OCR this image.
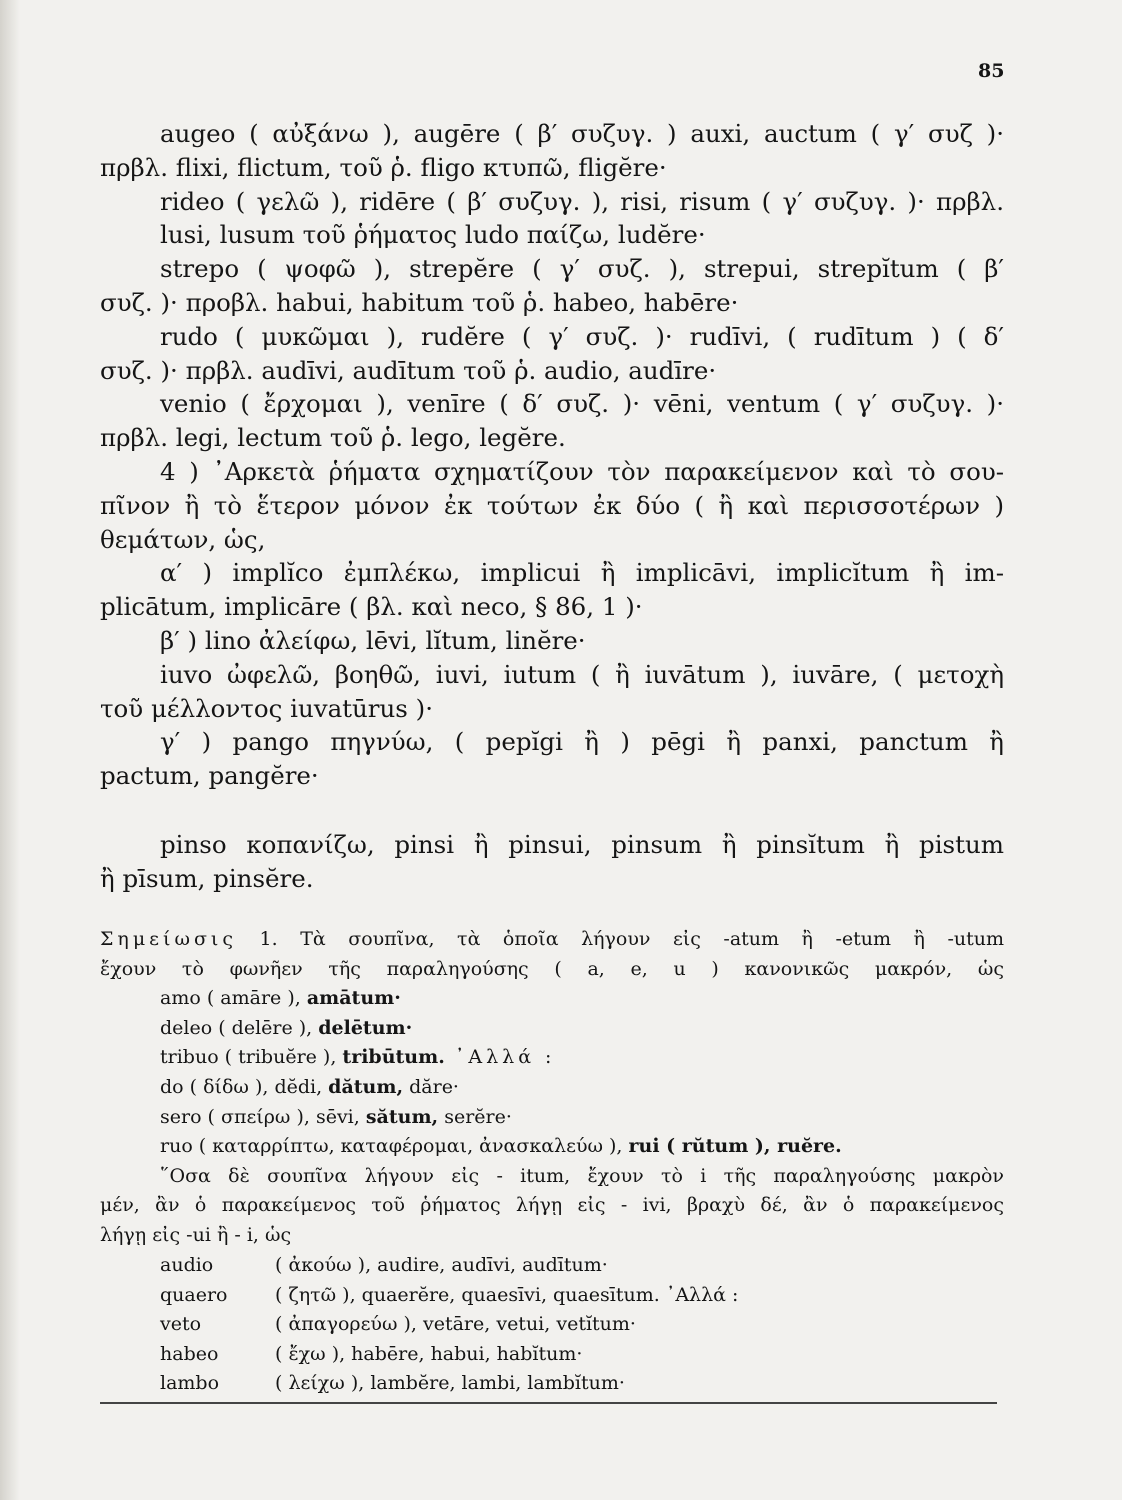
85
augeo ( αὐξάνω ), augēre ( β′ συζυγ. ) auxi, auctum ( γ′ συζ )·
πρβλ. flixi, flictum, τοῦ ῥ. fligo κτυπῶ, fligĕre·
rideo ( γελῶ ), ridēre ( β′ συζυγ. ), risi, risum ( γ′ συζυγ. )· πρβλ.
lusi, lusum τοῦ ῥήματος ludo παίζω, ludĕre·
strepo ( ψοφῶ ), strepĕre ( γ′ συζ. ), strepui, strepĭtum ( β′
συζ. )· προβλ. habui, habitum τοῦ ῥ. habeo, habēre·
rudo ( μυκῶμαι ), rudĕre ( γ′ συζ. )· rudīvi, ( rudītum ) ( δ′
συζ. )· πρβλ. audīvi, audītum τοῦ ῥ. audio, audīre·
venio ( ἔρχομαι ), venīre ( δ′ συζ. )· vēni, ventum ( γ′ συζυγ. )·
πρβλ. legi, lectum τοῦ ῥ. lego, legĕre.
4 ) ᾿Αρκετὰ ῥήματα σχηματίζουν τὸν παρακείμενον καὶ τὸ σου-
πῖνον ἢ τὸ ἕτερον μόνον ἐκ τούτων ἐκ δύο ( ἢ καὶ περισσοτέρων )
θεμάτων, ὡς,
α′ ) implĭco ἐμπλέκω, implicui ἢ implicāvi, implicĭtum ἢ im-
plicātum, implicāre ( βλ. καὶ neco, § 86, 1 )·
β′ ) lino ἀλείφω, lēvi, lĭtum, linĕre·
iuvo ὠφελῶ, βοηθῶ, iuvi, iutum ( ἢ iuvātum ), iuvāre, ( μετοχὴ
τοῦ μέλλοντος iuvatūrus )·
γ′ ) pango πηγνύω, ( pepĭgi ἢ ) pēgi ἢ panxi, panctum ἢ
pactum, pangĕre·
pinso κοπανίζω, pinsi ἢ pinsui, pinsum ἢ pinsĭtum ἢ pistum
ἢ pīsum, pinsĕre.
Σημείωσις 1. Τὰ σουπῖνα, τὰ ὁποῖα λήγουν εἰς -atum ἢ -etum ἢ -utum
ἔχουν τὸ φωνῆεν τῆς παραληγούσης ( a, e, u ) κανονικῶς μακρόν, ὡς
amo ( amāre ), amātum·
deleo ( delēre ), delētum·
tribuo ( tribuĕre ), tribūtum. ᾿Αλλά :
do ( δίδω ), dĕdi, dătum, dăre·
sero ( σπείρω ), sēvi, sătum, serĕre·
ruo ( καταρρίπτω, καταφέρομαι, ἀνασκαλεύω ), rui ( rŭtum ), ruĕre.
῞Οσα δὲ σουπῖνα λήγουν εἰς - itum, ἔχουν τὸ i τῆς παραληγούσης μακρὸν
μέν, ἂν ὁ παρακείμενος τοῦ ῥήματος λήγῃ εἰς - ivi, βραχὺ δέ, ἂν ὁ παρακείμενος
λήγῃ εἰς -ui ἢ - i, ὡς
audio	( ἀκούω ), audire, audīvi, audītum·
quaero	( ζητῶ ), quaerĕre, quaesīvi, quaesītum. ᾿Αλλά :
veto	( ἀπαγορεύω ), vetāre, vetui, vetĭtum·
habeo	( ἔχω ), habēre, habui, habĭtum·
lambo	( λείχω ), lambĕre, lambi, lambĭtum·
